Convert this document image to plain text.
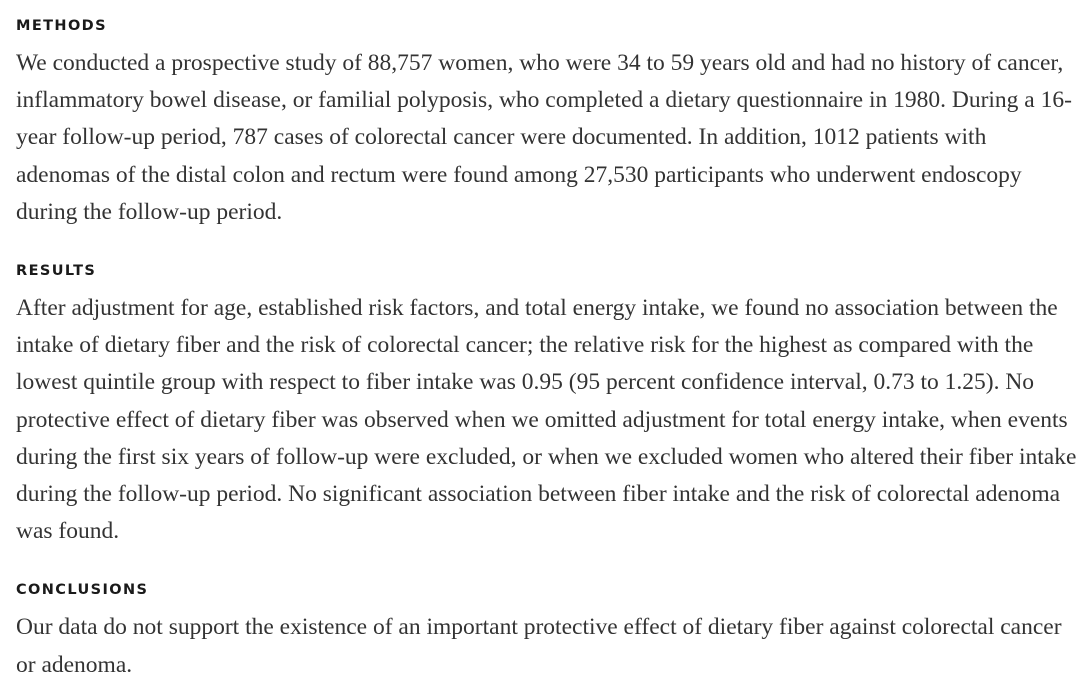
METHODS

We conducted a prospective study of 88,757 women, who were 34 to 59 years old and had no history of cancer, inflammatory bowel disease, or familial polyposis, who completed a dietary questionnaire in 1980. During a 16-year follow-up period, 787 cases of colorectal cancer were documented. In addition, 1012 patients with adenomas of the distal colon and rectum were found among 27,530 participants who underwent endoscopy during the follow-up period.

RESULTS

After adjustment for age, established risk factors, and total energy intake, we found no association between the intake of dietary fiber and the risk of colorectal cancer; the relative risk for the highest as compared with the lowest quintile group with respect to fiber intake was 0.95 (95 percent confidence interval, 0.73 to 1.25). No protective effect of dietary fiber was observed when we omitted adjustment for total energy intake, when events during the first six years of follow-up were excluded, or when we excluded women who altered their fiber intake during the follow-up period. No significant association between fiber intake and the risk of colorectal adenoma was found.

CONCLUSIONS

Our data do not support the existence of an important protective effect of dietary fiber against colorectal cancer or adenoma.
